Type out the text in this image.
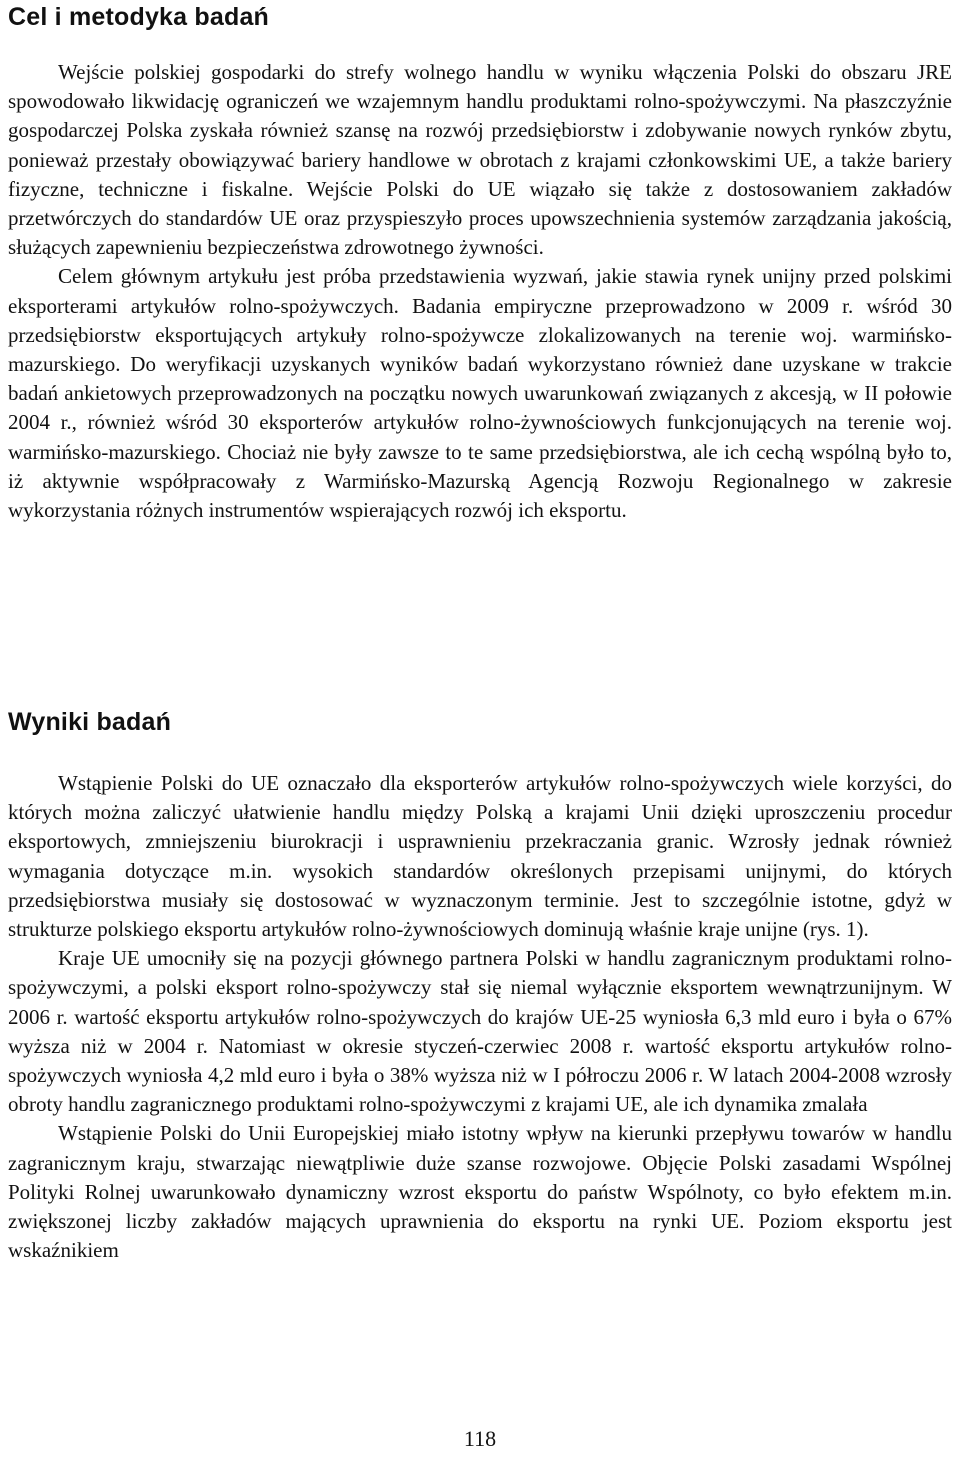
Cel i metodyka badań

Wejście polskiej gospodarki do strefy wolnego handlu w wyniku włączenia Polski do obszaru JRE spowodowało likwidację ograniczeń we wzajemnym handlu produktami rolno-spożywczymi. Na płaszczyźnie gospodarczej Polska zyskała również szansę na rozwój przedsiębiorstw i zdobywanie nowych rynków zbytu, ponieważ przestały obowiązywać bariery handlowe w obrotach z krajami członkowskimi UE, a także bariery fizyczne, techniczne i fiskalne. Wejście Polski do UE wiązało się także z dostosowaniem zakładów przetwórczych do standardów UE oraz przyspieszyło proces upowszechnienia systemów zarządzania jakością, służących zapewnieniu bezpieczeństwa zdrowotnego żywności.

Celem głównym artykułu jest próba przedstawienia wyzwań, jakie stawia rynek unijny przed polskimi eksporterami artykułów rolno-spożywczych. Badania empiryczne przeprowadzono w 2009 r. wśród 30 przedsiębiorstw eksportujących artykuły rolno-spożywcze zlokalizowanych na terenie woj. warmińsko-mazurskiego. Do weryfikacji uzyskanych wyników badań wykorzystano również dane uzyskane w trakcie badań ankietowych przeprowadzonych na początku nowych uwarunkowań związanych z akcesją, w II połowie 2004 r., również wśród 30 eksporterów artykułów rolno-żywnościowych funkcjonujących na terenie woj. warmińsko-mazurskiego. Chociaż nie były zawsze to te same przedsiębiorstwa, ale ich cechą wspólną było to, iż aktywnie współpracowały z Warmińsko-Mazurską Agencją Rozwoju Regionalnego w zakresie wykorzystania różnych instrumentów wspierających rozwój ich eksportu.

Wyniki badań

Wstąpienie Polski do UE oznaczało dla eksporterów artykułów rolno-spożywczych wiele korzyści, do których można zaliczyć ułatwienie handlu między Polską a krajami Unii dzięki uproszczeniu procedur eksportowych, zmniejszeniu biurokracji i usprawnieniu przekraczania granic. Wzrosły jednak również wymagania dotyczące m.in. wysokich standardów określonych przepisami unijnymi, do których przedsiębiorstwa musiały się dostosować w wyznaczonym terminie. Jest to szczególnie istotne, gdyż w strukturze polskiego eksportu artykułów rolno-żywnościowych dominują właśnie kraje unijne (rys. 1).

Kraje UE umocniły się na pozycji głównego partnera Polski w handlu zagranicznym produktami rolno-spożywczymi, a polski eksport rolno-spożywczy stał się niemal wyłącznie eksportem wewnątrzunijnym. W 2006 r. wartość eksportu artykułów rolno-spożywczych do krajów UE-25 wyniosła 6,3 mld euro i była o 67% wyższa niż w 2004 r. Natomiast w okresie styczeń-czerwiec 2008 r. wartość eksportu artykułów rolno-spożywczych wyniosła 4,2 mld euro i była o 38% wyższa niż w I półroczu 2006 r. W latach 2004-2008 wzrosły obroty handlu zagranicznego produktami rolno-spożywczymi z krajami UE, ale ich dynamika zmalała

Wstąpienie Polski do Unii Europejskiej miało istotny wpływ na kierunki przepływu towarów w handlu zagranicznym kraju, stwarzając niewątpliwie duże szanse rozwojowe. Objęcie Polski zasadami Wspólnej Polityki Rolnej uwarunkowało dynamiczny wzrost eksportu do państw Wspólnoty, co było efektem m.in. zwiększonej liczby zakładów mających uprawnienia do eksportu na rynki UE. Poziom eksportu jest wskaźnikiem

118
